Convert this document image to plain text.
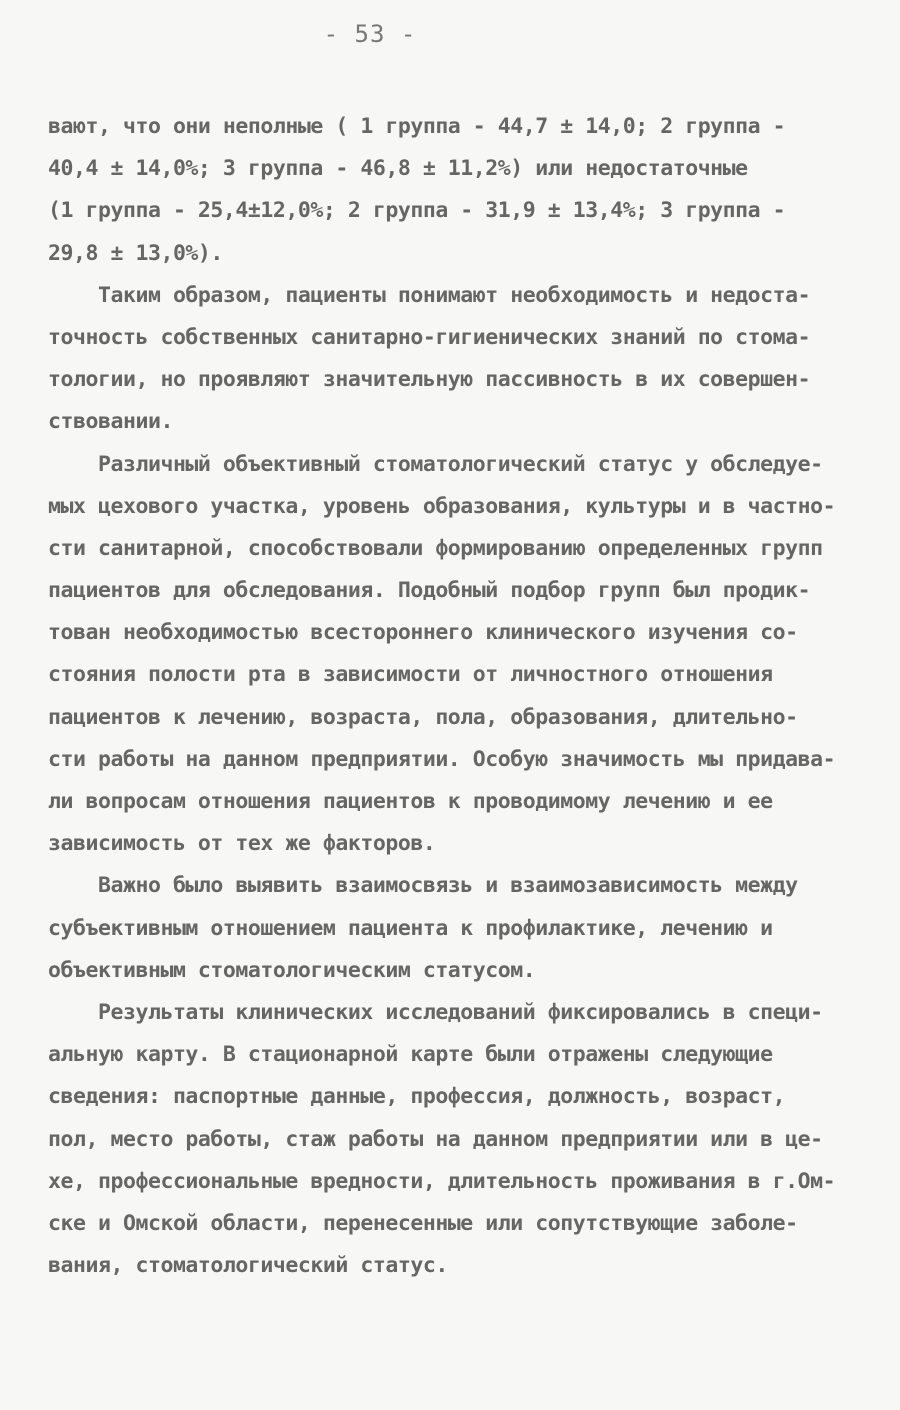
- 53 -
вают, что они неполные ( 1 группа - 44,7 ± 14,0; 2 группа -
40,4 ± 14,0%; 3 группа - 46,8 ± 11,2%) или недостаточные
(1 группа - 25,4±12,0%; 2 группа - 31,9 ± 13,4%; 3 группа -
29,8 ± 13,0%).
Таким образом, пациенты понимают необходимость и недоста-
точность собственных санитарно-гигиенических знаний по стома-
тологии, но проявляют значительную пассивность в их совершен-
ствовании.
Различный объективный стоматологический статус у обследуе-
мых цехового участка, уровень образования, культуры и в частно-
сти санитарной, способствовали формированию определенных групп
пациентов для обследования. Подобный подбор групп был продик-
тован необходимостью всестороннего клинического изучения со-
стояния полости рта в зависимости от личностного отношения
пациентов к лечению, возраста, пола, образования, длительно-
сти работы на данном предприятии. Особую значимость мы придава-
ли вопросам отношения пациентов к проводимому лечению и ее
зависимость от тех же факторов.
Важно было выявить взаимосвязь и взаимозависимость между
субъективным отношением пациента к профилактике, лечению и
объективным стоматологическим статусом.
Результаты клинических исследований фиксировались в специ-
альную карту. В стационарной карте были отражены следующие
сведения: паспортные данные, профессия, должность, возраст,
пол, место работы, стаж работы на данном предприятии или в це-
хе, профессиональные вредности, длительность проживания в г.Ом-
ске и Омской области, перенесенные или сопутствующие заболе-
вания, стоматологический статус.
